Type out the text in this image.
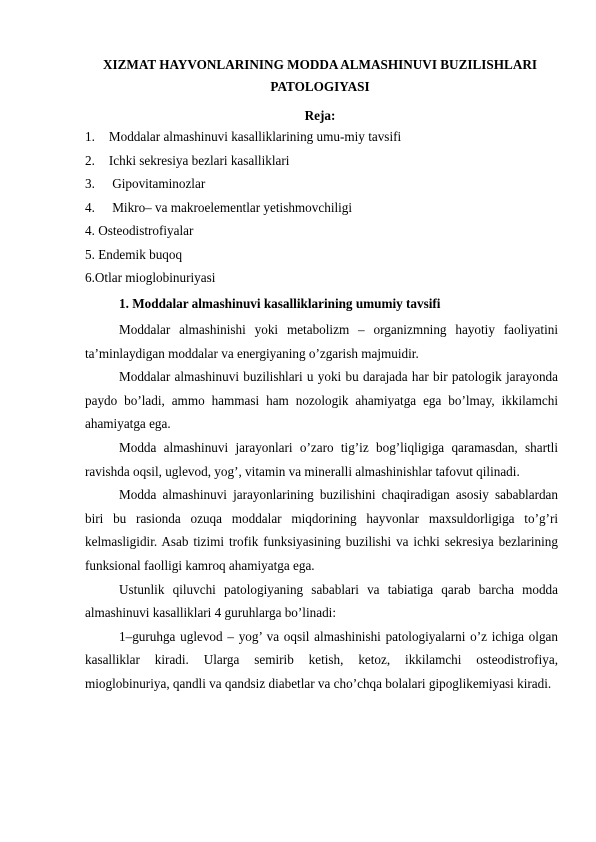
XIZMAT HAYVONLARINING MODDA ALMASHINUVI BUZILISHLARI PATOLOGIYASI
Reja:
1. Moddalar almashinuvi kasalliklarining umu-miy tavsifi
2. Ichki sekresiya bezlari kasalliklari
3. Gipovitaminozlar
4. Mikro– va makroelementlar yetishmovchiligi
4. Osteodistrofiyalar
5. Endemik buqoq
6.Otlar mioglobinuriyasi
1. Moddalar almashinuvi kasalliklarining umumiy tavsifi

Moddalar almashinishi yoki metabolizm – organizmning hayotiy faoliyatini ta’minlaydigan moddalar va energiyaning o’zgarish majmuidir.

Moddalar almashinuvi buzilishlari u yoki bu darajada har bir patologik jarayonda paydo bo’ladi, ammo hammasi ham nozologik ahamiyatga ega bo’lmay, ikkilamchi ahamiyatga ega.

Modda almashinuvi jarayonlari o’zaro tig’iz bog’liqligiga qaramasdan, shartli ravishda oqsil, uglevod, yog’, vitamin va mineralli almashinishlar tafovut qilinadi.

Modda almashinuvi jarayonlarining buzilishini chaqiradigan asosiy sabablardan biri bu rasionda ozuqa moddalar miqdorining hayvonlar maxsuldorligiga to’g’ri kelmasligidir. Asab tizimi trofik funksiyasining buzilishi va ichki sekresiya bezlarining funksional faolligi kamroq ahamiyatga ega.

Ustunlik qiluvchi patologiyaning sabablari va tabiatiga qarab barcha modda almashinuvi kasalliklari 4 guruhlarga bo’linadi:

1–guruhga uglevod – yog’ va oqsil almashinishi patologiyalarni o’z ichiga olgan kasalliklar kiradi. Ularga semirib ketish, ketoz, ikkilamchi osteodistrofiya, mioglobinuriya, qandli va qandsiz diabetlar va cho’chqa bolalari gipoglikemiyasi kiradi.
